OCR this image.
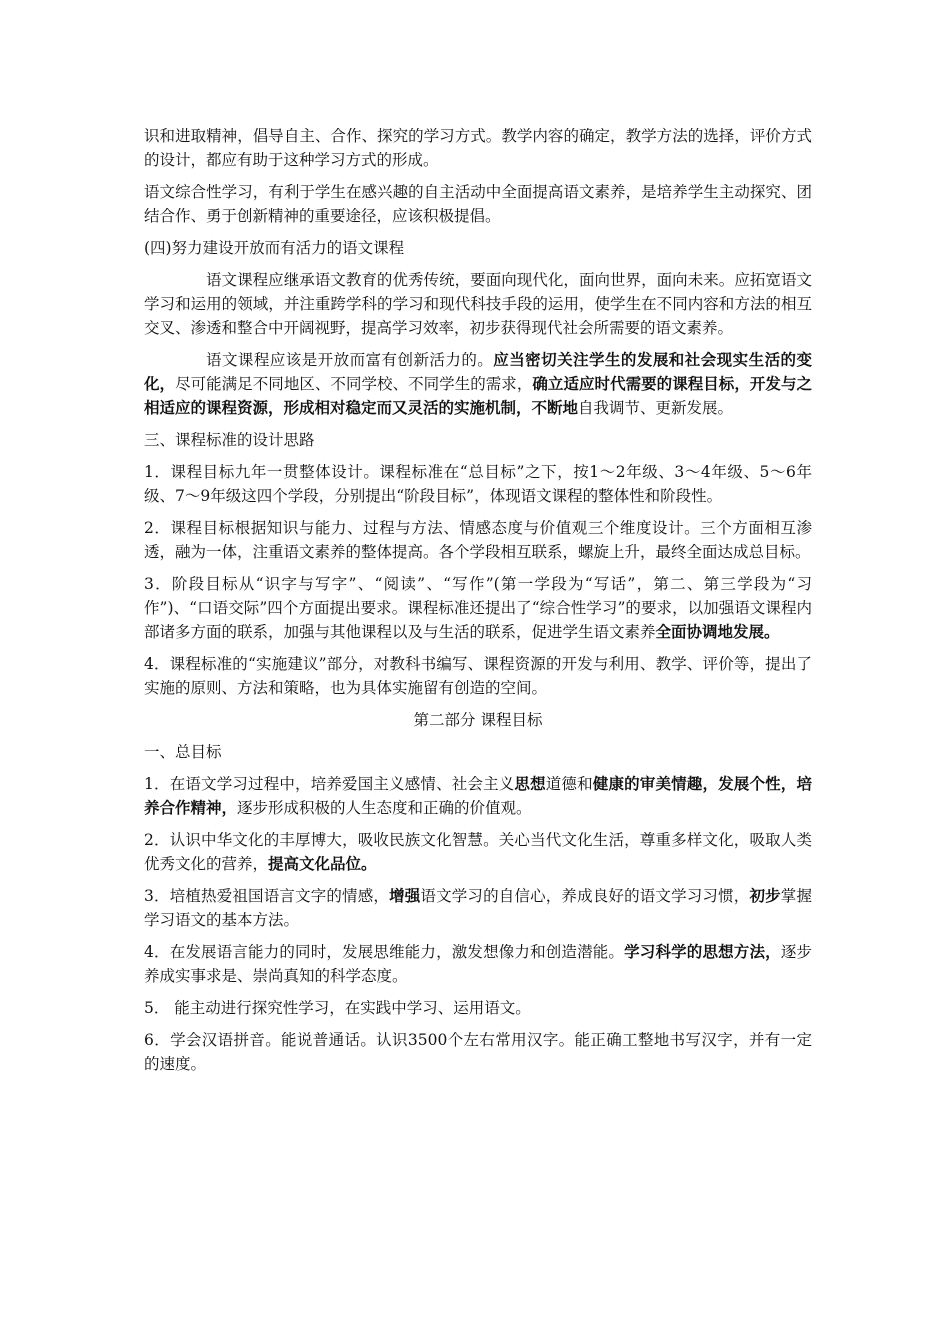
识和进取精神，倡导自主、合作、探究的学习方式。教学内容的确定，教学方法的选择，评价方式的设计，都应有助于这种学习方式的形成。

语文综合性学习，有利于学生在感兴趣的自主活动中全面提高语文素养，是培养学生主动探究、团结合作、勇于创新精神的重要途径，应该积极提倡。

(四)努力建设开放而有活力的语文课程

语文课程应继承语文教育的优秀传统，要面向现代化，面向世界，面向未来。应拓宽语文学习和运用的领域，并注重跨学科的学习和现代科技手段的运用，使学生在不同内容和方法的相互交叉、渗透和整合中开阔视野，提高学习效率，初步获得现代社会所需要的语文素养。

语文课程应该是开放而富有创新活力的。应当密切关注学生的发展和社会现实生活的变化，尽可能满足不同地区、不同学校、不同学生的需求，确立适应时代需要的课程目标，开发与之相适应的课程资源，形成相对稳定而又灵活的实施机制，不断地自我调节、更新发展。

三、课程标准的设计思路

1．课程目标九年一贯整体设计。课程标准在“总目标”之下，按1～2年级、3～4年级、5～6年级、7～9年级这四个学段，分别提出“阶段目标”，体现语文课程的整体性和阶段性。

2．课程目标根据知识与能力、过程与方法、情感态度与价值观三个维度设计。三个方面相互渗透，融为一体，注重语文素养的整体提高。各个学段相互联系，螺旋上升，最终全面达成总目标。

3．阶段目标从“识字与写字”、“阅读”、“写作”(第一学段为“写话”，第二、第三学段为“习作”)、“口语交际”四个方面提出要求。课程标准还提出了“综合性学习”的要求，以加强语文课程内部诸多方面的联系，加强与其他课程以及与生活的联系，促进学生语文素养全面协调地发展。

4．课程标准的“实施建议”部分，对教科书编写、课程资源的开发与利用、教学、评价等，提出了实施的原则、方法和策略，也为具体实施留有创造的空间。

第二部分 课程目标

一、总目标

1．在语文学习过程中，培养爱国主义感情、社会主义思想道德和健康的审美情趣，发展个性，培养合作精神，逐步形成积极的人生态度和正确的价值观。

2．认识中华文化的丰厚博大，吸收民族文化智慧。关心当代文化生活，尊重多样文化，吸取人类优秀文化的营养，提高文化品位。

3．培植热爱祖国语言文字的情感，增强语文学习的自信心，养成良好的语文学习习惯，初步掌握学习语文的基本方法。

4．在发展语言能力的同时，发展思维能力，激发想像力和创造潜能。学习科学的思想方法，逐步养成实事求是、崇尚真知的科学态度。

5． 能主动进行探究性学习，在实践中学习、运用语文。

6．学会汉语拼音。能说普通话。认识3500个左右常用汉字。能正确工整地书写汉字，并有一定的速度。
